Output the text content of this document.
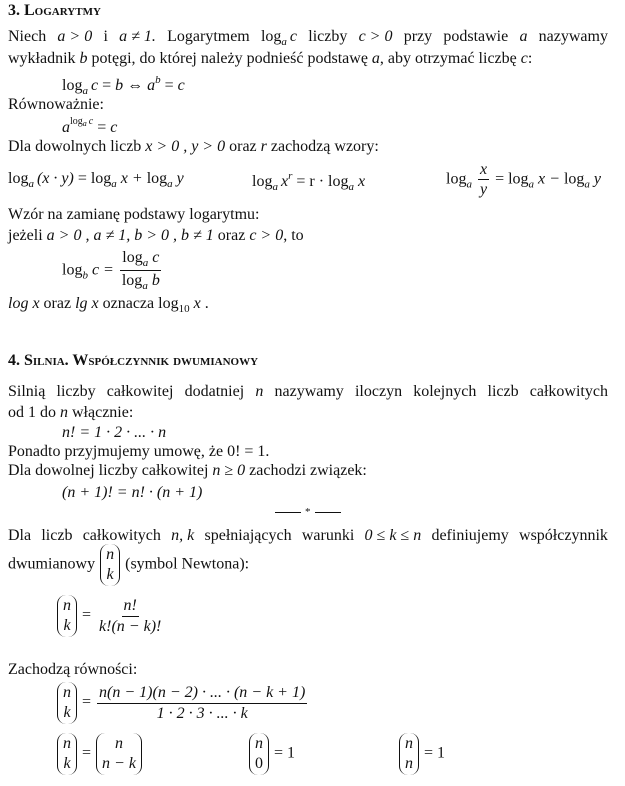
3. Logarytmy
Niech a > 0 i a ≠ 1. Logarytmem $\log_a c$ liczby c > 0 przy podstawie a nazywamy
wykładnik b potęgi, do której należy podnieść podstawę a, aby otrzymać liczbę c:
$\log_a c = b$ ⇔ $a^b = c$
Równoważnie:
$a^{log_a c} = c$
Dla dowolnych liczb x > 0 , y > 0 oraz r zachodzą wzory:
$\log_a (x \cdot y) = \log_a x + \log_a y$	$\log_a x^r = r \cdot \log_a x$	$\log_a \frac{x}{y} = \log_a x - \log_a y$
Wzór na zamianę podstawy logarytmu:
jeżeli a > 0 , a ≠ 1, b > 0 , b ≠ 1 oraz c > 0, to
$\log_b c = \frac{\log_a c}{\log_a b}$
log x oraz lg x oznacza $\log_{10} x$ .
4. Silnia. Współczynnik dwumianowy
Silnią liczby całkowitej dodatniej n nazywamy iloczyn kolejnych liczb całkowitych
od 1 do n włącznie:
n! = 1 · 2 · ... · n
Ponadto przyjmujemy umowę, że 0! = 1.
Dla dowolnej liczby całkowitej n ≥ 0 zachodzi związek:
(n + 1)! = n! · (n + 1)
*
Dla liczb całkowitych n, k spełniających warunki 0 ≤ k ≤ n definiujemy współczynnik
dwumianowy
n
k
(symbol Newtona):
n
k
= $\frac{n!}{k!(n - k)!}$
Zachodzą równości:
n
k
= $\frac{n(n - 1)(n - 2) \cdot ... \cdot (n - k + 1)}{1 \cdot 2 \cdot 3 \cdot ... \cdot k}$
n
k
=
n
n − k
n
0
= 1
n
n
= 1
